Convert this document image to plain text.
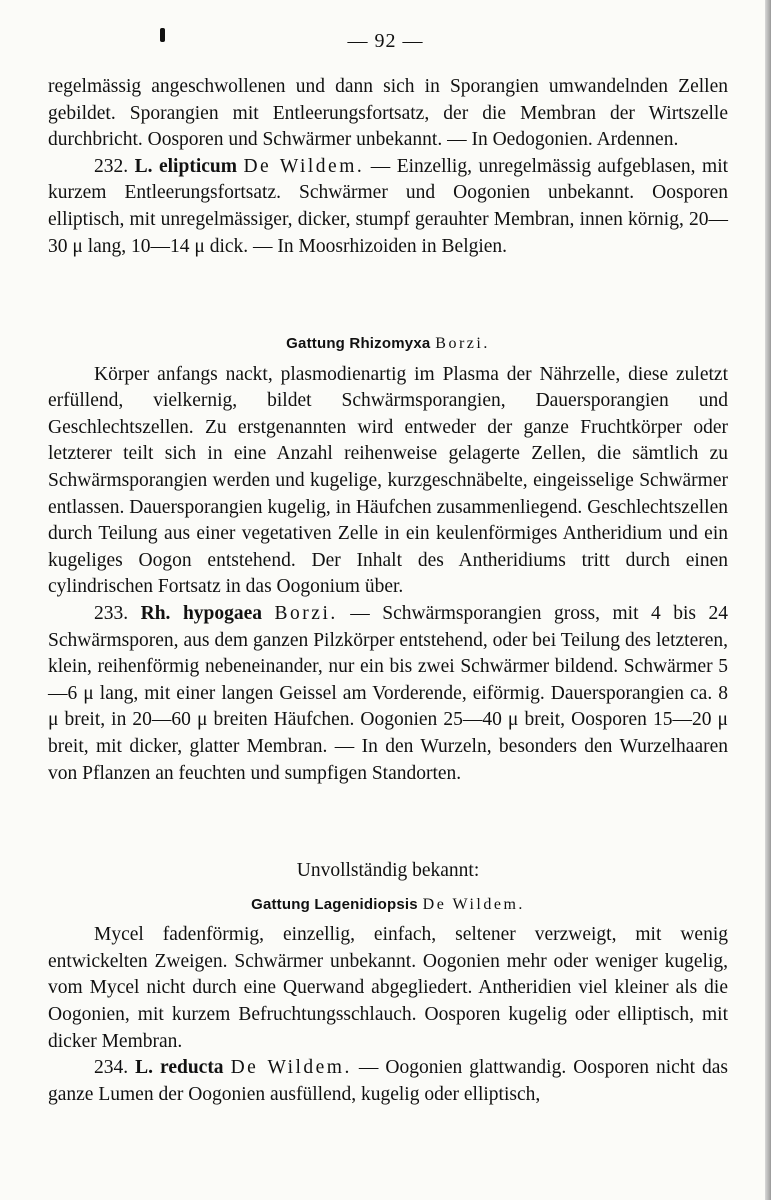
— 92 —

regelmässig angeschwollenen und dann sich in Sporangien umwandelnden Zellen gebildet. Sporangien mit Entleerungsfortsatz, der die Membran der Wirtszelle durchbricht. Oosporen und Schwärmer unbekannt. — In Oedogonien. Ardennen.

232. L. elipticum De Wildem. — Einzellig, unregelmässig aufgeblasen, mit kurzem Entleerungsfortsatz. Schwärmer und Oogonien unbekannt. Oosporen elliptisch, mit unregelmässiger, dicker, stumpf gerauhter Membran, innen körnig, 20—30 μ lang, 10—14 μ dick. — In Moosrhizoiden in Belgien.

Gattung Rhizomyxa Borzi.

Körper anfangs nackt, plasmodienartig im Plasma der Nährzelle, diese zuletzt erfüllend, vielkernig, bildet Schwärmsporangien, Dauersporangien und Geschlechtszellen. Zu erstgenannten wird entweder der ganze Fruchtkörper oder letzterer teilt sich in eine Anzahl reihenweise gelagerte Zellen, die sämtlich zu Schwärmsporangien werden und kugelige, kurzgeschnäbelte, eingeisselige Schwärmer entlassen. Dauersporangien kugelig, in Häufchen zusammenliegend. Geschlechtszellen durch Teilung aus einer vegetativen Zelle in ein keulenförmiges Antheridium und ein kugeliges Oogon entstehend. Der Inhalt des Antheridiums tritt durch einen cylindrischen Fortsatz in das Oogonium über.

233. Rh. hypogaea Borzi. — Schwärmsporangien gross, mit 4 bis 24 Schwärmsporen, aus dem ganzen Pilzkörper entstehend, oder bei Teilung des letzteren, klein, reihenförmig nebeneinander, nur ein bis zwei Schwärmer bildend. Schwärmer 5—6 μ lang, mit einer langen Geissel am Vorderende, eiförmig. Dauersporangien ca. 8 μ breit, in 20—60 μ breiten Häufchen. Oogonien 25—40 μ breit, Oosporen 15—20 μ breit, mit dicker, glatter Membran. — In den Wurzeln, besonders den Wurzelhaaren von Pflanzen an feuchten und sumpfigen Standorten.

Unvollständig bekannt:

Gattung Lagenidiopsis De Wildem.

Mycel fadenförmig, einzellig, einfach, seltener verzweigt, mit wenig entwickelten Zweigen. Schwärmer unbekannt. Oogonien mehr oder weniger kugelig, vom Mycel nicht durch eine Querwand abgegliedert. Antheridien viel kleiner als die Oogonien, mit kurzem Befruchtungsschlauch. Oosporen kugelig oder elliptisch, mit dicker Membran.

234. L. reducta De Wildem. — Oogonien glattwandig. Oosporen nicht das ganze Lumen der Oogonien ausfüllend, kugelig oder elliptisch,
